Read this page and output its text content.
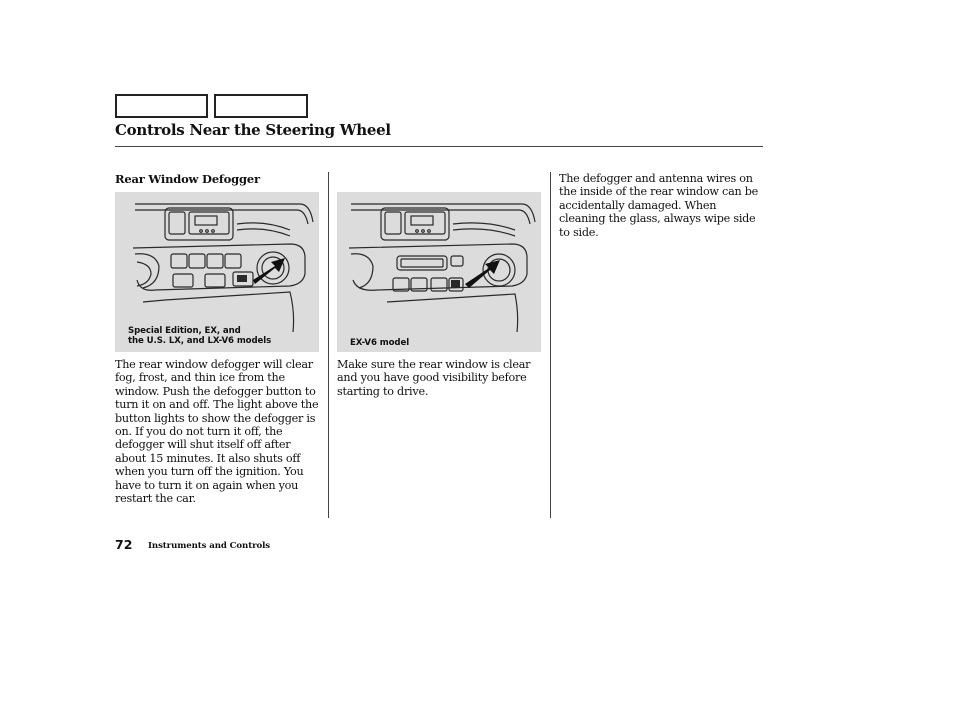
Controls Near the Steering Wheel
Rear Window Defogger
Special Edition, EX, and
the U.S. LX, and LX-V6 models	EX-V6 model

The rear window defogger will clear fog, frost, and thin ice from the window. Push the defogger button to turn it on and off. The light above the button lights to show the defogger is on. If you do not turn it off, the defogger will shut itself off after about 15 minutes. It also shuts off when you turn off the ignition. You have to turn it on again when you restart the car.

Make sure the rear window is clear and you have good visibility before starting to drive.

The defogger and antenna wires on the inside of the rear window can be accidentally damaged. When cleaning the glass, always wipe side to side.

72 Instruments and Controls
